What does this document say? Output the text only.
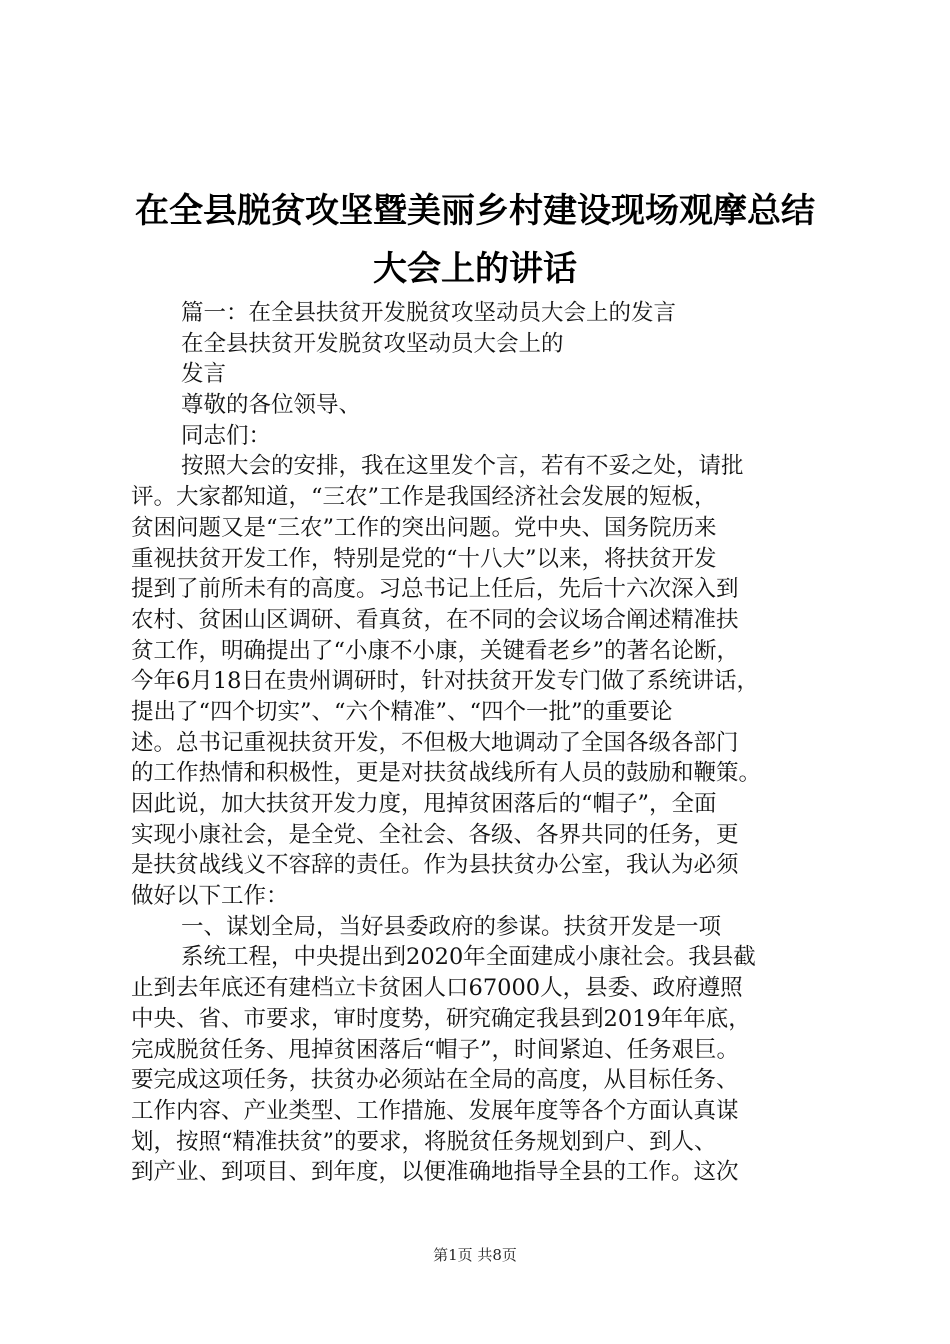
在全县脱贫攻坚暨美丽乡村建设现场观摩总结
大会上的讲话
篇一：在全县扶贫开发脱贫攻坚动员大会上的发言
在全县扶贫开发脱贫攻坚动员大会上的
发言
尊敬的各位领导、
同志们：
按照大会的安排，我在这里发个言，若有不妥之处，请批
评。大家都知道，“三农”工作是我国经济社会发展的短板，
贫困问题又是“三农”工作的突出问题。党中央、国务院历来
重视扶贫开发工作，特别是党的“十八大”以来，将扶贫开发
提到了前所未有的高度。习总书记上任后，先后十六次深入到
农村、贫困山区调研、看真贫，在不同的会议场合阐述精准扶
贫工作，明确提出了“小康不小康，关键看老乡”的著名论断，
今年6月18日在贵州调研时，针对扶贫开发专门做了系统讲话，
提出了“四个切实”、“六个精准”、“四个一批”的重要论
述。总书记重视扶贫开发，不但极大地调动了全国各级各部门
的工作热情和积极性，更是对扶贫战线所有人员的鼓励和鞭策。
因此说，加大扶贫开发力度，甩掉贫困落后的“帽子”，全面
实现小康社会，是全党、全社会、各级、各界共同的任务，更
是扶贫战线义不容辞的责任。作为县扶贫办公室，我认为必须
做好以下工作：
一、谋划全局，当好县委政府的参谋。扶贫开发是一项
系统工程，中央提出到2020年全面建成小康社会。我县截
止到去年底还有建档立卡贫困人口67000人，县委、政府遵照
中央、省、市要求，审时度势，研究确定我县到2019年年底，
完成脱贫任务、甩掉贫困落后“帽子”，时间紧迫、任务艰巨。
要完成这项任务，扶贫办必须站在全局的高度，从目标任务、
工作内容、产业类型、工作措施、发展年度等各个方面认真谋
划，按照“精准扶贫”的要求，将脱贫任务规划到户、到人、
到产业、到项目、到年度，以便准确地指导全县的工作。这次
第1页 共8页
